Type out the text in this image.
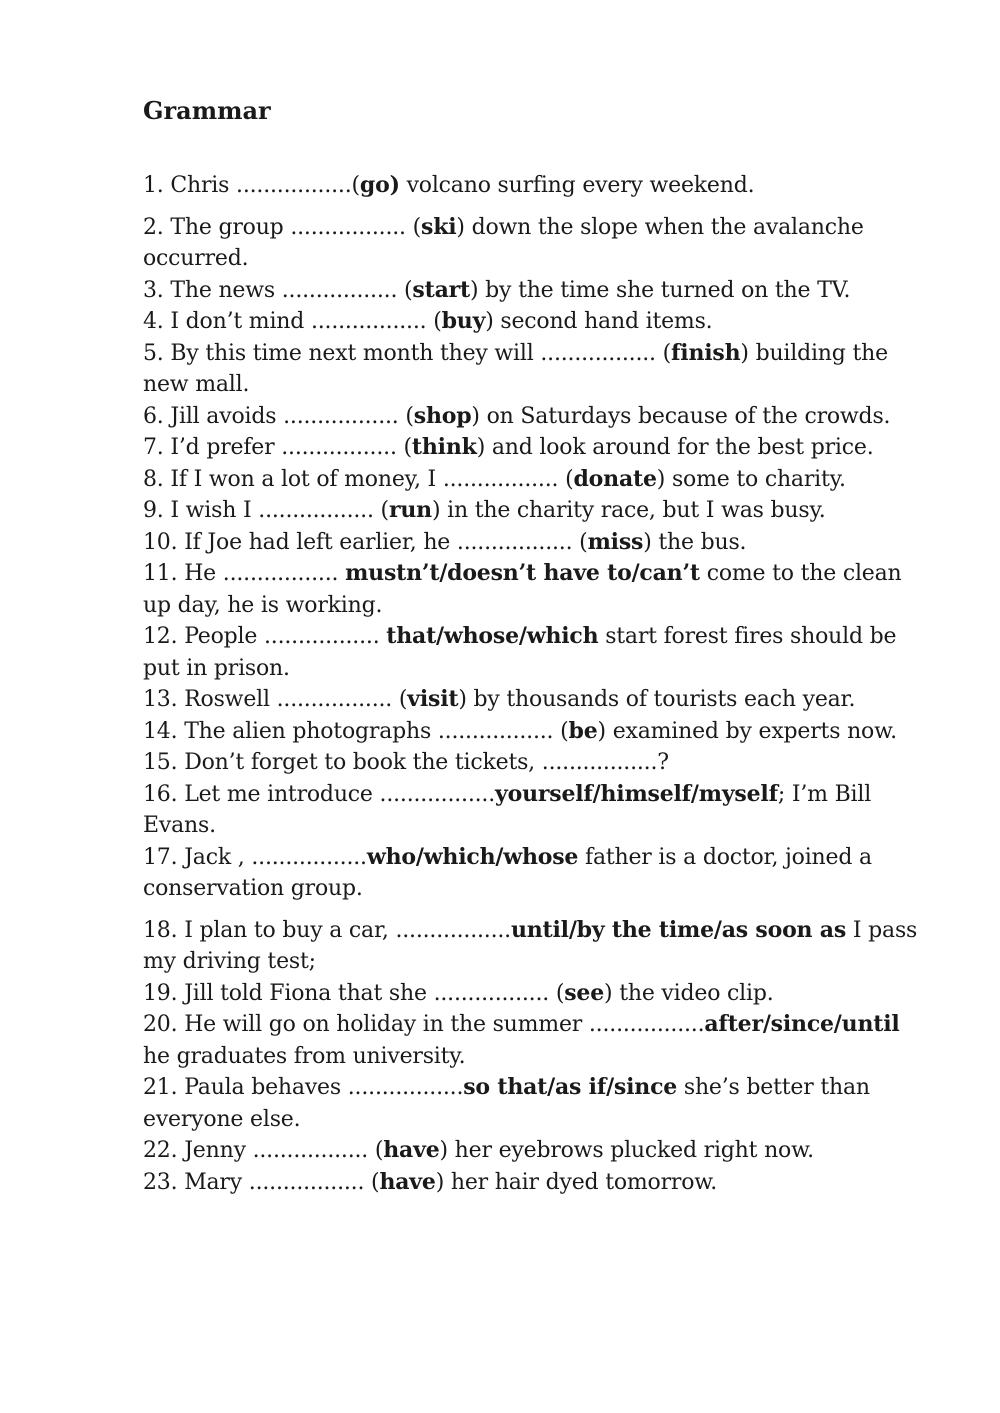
Grammar

1. Chris .................(go) volcano surfing every weekend.

2. The group ................. (ski) down the slope when the avalanche occurred.

3. The news ................. (start) by the time she turned on the TV.

4. I don’t mind ................. (buy) second hand items.

5. By this time next month they will ................. (finish) building the new mall.

6. Jill avoids ................. (shop) on Saturdays because of the crowds.

7. I’d prefer ................. (think) and look around for the best price.

8. If I won a lot of money, I ................. (donate) some to charity.

9. I wish I ................. (run) in the charity race, but I was busy.

10. If Joe had left earlier, he ................. (miss) the bus.

11. He ................. mustn’t/doesn’t have to/can’t come to the clean up day, he is working.

12. People ................. that/whose/which start forest fires should be put in prison.

13. Roswell ................. (visit) by thousands of tourists each year.

14. The alien photographs ................. (be) examined by experts now.

15. Don’t forget to book the tickets, .................?

16. Let me introduce .................yourself/himself/myself; I’m Bill Evans.

17. Jack , .................who/which/whose father is a doctor, joined a conservation group.

18. I plan to buy a car, .................until/by the time/as soon as I pass my driving test;

19. Jill told Fiona that she ................. (see) the video clip.

20. He will go on holiday in the summer .................after/since/until he graduates from university.

21. Paula behaves .................so that/as if/since she’s better than everyone else.

22. Jenny ................. (have) her eyebrows plucked right now.

23. Mary ................. (have) her hair dyed tomorrow.
